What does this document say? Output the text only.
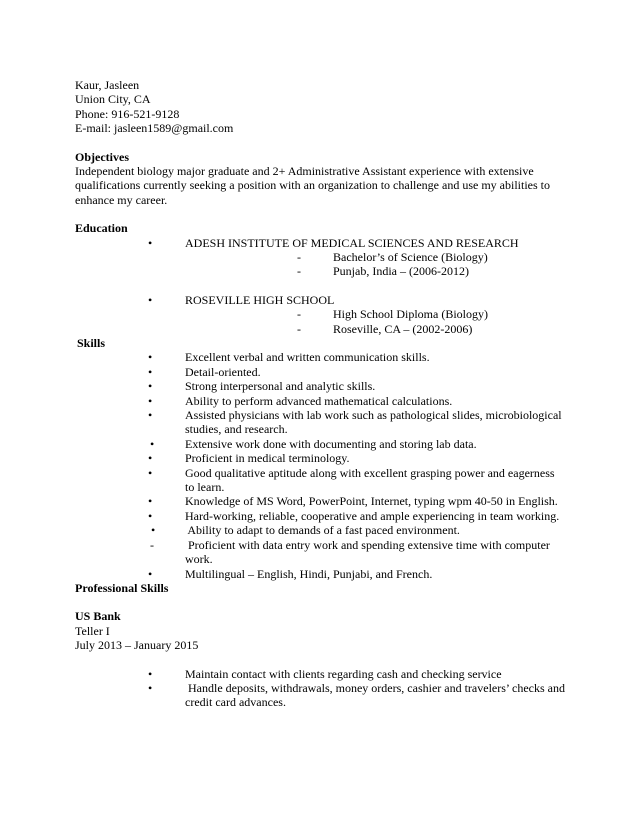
Kaur, Jasleen
Union City, CA
Phone: 916-521-9128
E-mail: jasleen1589@gmail.com
Objectives
Independent biology major graduate and 2+ Administrative Assistant experience with extensive qualifications currently seeking a position with an organization to challenge and use my abilities to enhance my career.
Education
•	ADESH INSTITUTE OF MEDICAL SCIENCES AND RESEARCH
-	Bachelor’s of Science (Biology)
-	Punjab, India – (2006-2012)
•	ROSEVILLE HIGH SCHOOL
-	High School Diploma (Biology)
-	Roseville, CA – (2002-2006)
Skills
•	Excellent verbal and written communication skills.
•	Detail-oriented.
•	Strong interpersonal and analytic skills.
•	Ability to perform advanced mathematical calculations.
•	Assisted physicians with lab work such as pathological slides, microbiological studies, and research.
•	Extensive work done with documenting and storing lab data.
•	Proficient in medical terminology.
•	Good qualitative aptitude along with excellent grasping power and eagerness to learn.
•	Knowledge of MS Word, PowerPoint, Internet, typing wpm 40-50 in English.
•	Hard-working, reliable, cooperative and ample experiencing in team working.
• Ability to adapt to demands of a fast paced environment.
-	Proficient with data entry work and spending extensive time with computer work.
•	Multilingual – English, Hindi, Punjabi, and French.
Professional Skills
US Bank
Teller I
July 2013 – January 2015
•	Maintain contact with clients regarding cash and checking service
•	Handle deposits, withdrawals, money orders, cashier and travelers’ checks and credit card advances.
